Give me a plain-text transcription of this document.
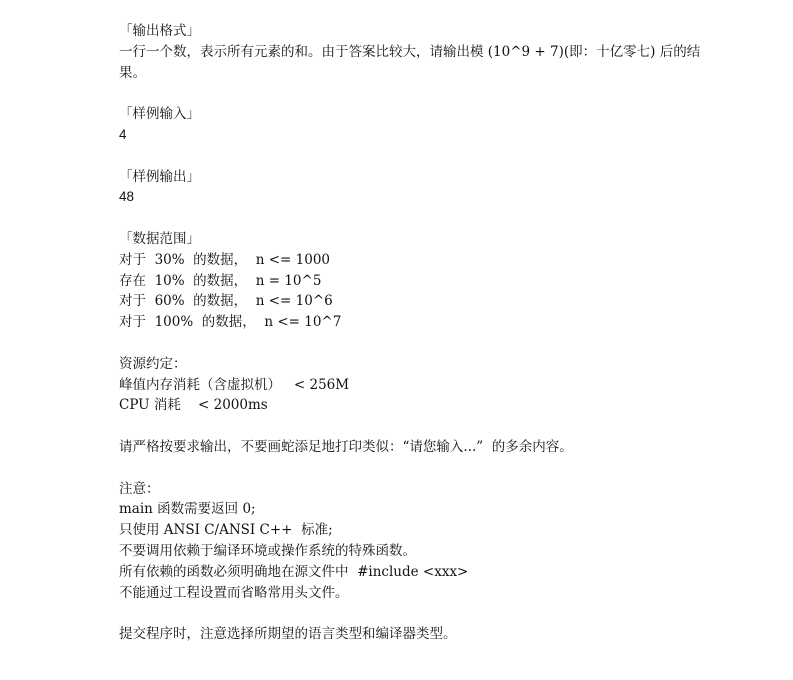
「输出格式」
一行一个数，表示所有元素的和。由于答案比较大，请输出模 (10^9 + 7)(即：十亿零七) 后的结果。
「样例输入」
4
「样例输出」
48
「数据范围」
对于  30%  的数据，  n <= 1000
存在  10%  的数据，  n = 10^5
对于  60%  的数据，  n <= 10^6
对于  100%  的数据，  n <= 10^7
资源约定：
峰值内存消耗（含虚拟机）   < 256M
CPU 消耗    < 2000ms
请严格按要求输出，不要画蛇添足地打印类似：“请您输入...”  的多余内容。
注意：
main 函数需要返回 0;
只使用 ANSI C/ANSI C++  标准;
不要调用依赖于编译环境或操作系统的特殊函数。
所有依赖的函数必须明确地在源文件中  #include <xxx>
不能通过工程设置而省略常用头文件。
提交程序时，注意选择所期望的语言类型和编译器类型。
